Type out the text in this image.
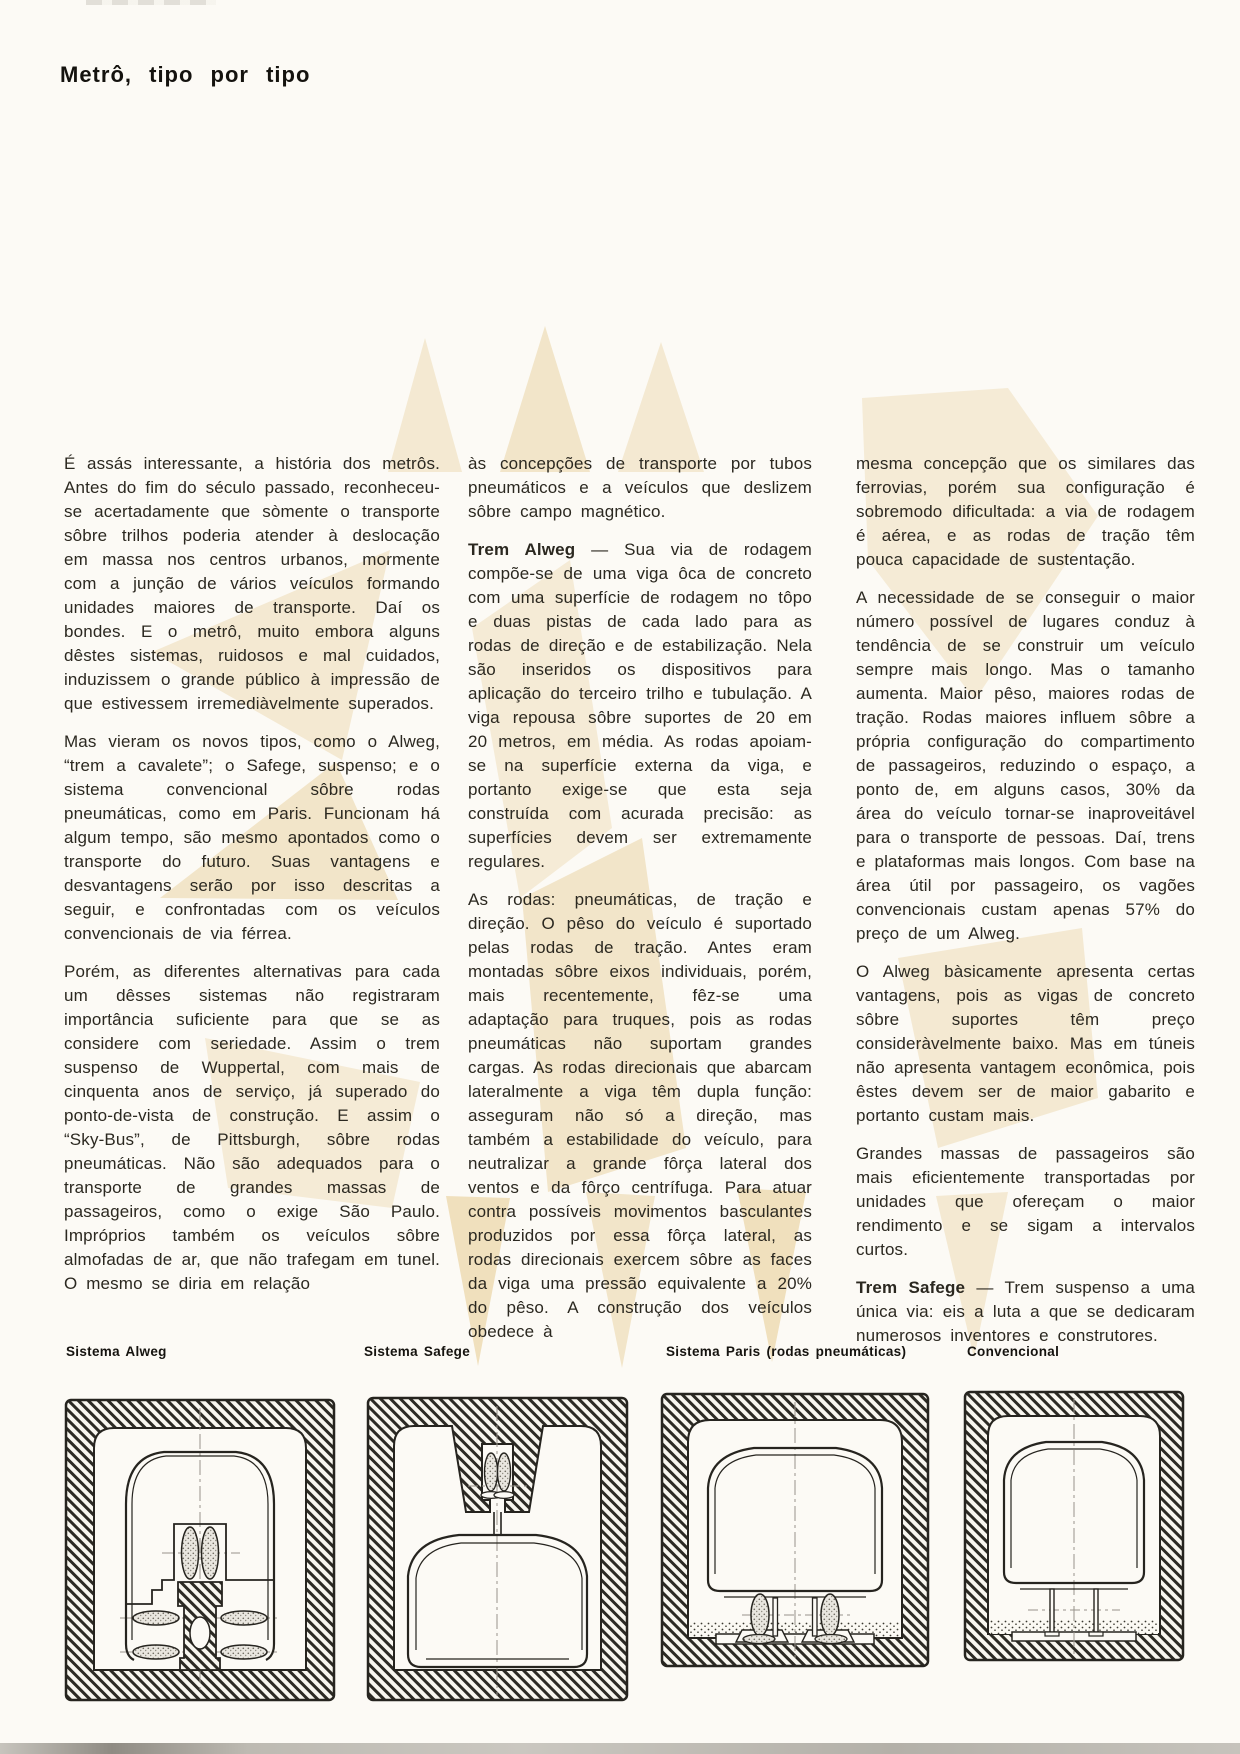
Metrô, tipo por tipo

É assás interessante, a história dos metrôs. Antes do fim do século passado, reconheceu-se acertadamente que sòmente o transporte sôbre trilhos poderia atender à deslocação em massa nos centros urbanos, mormente com a junção de vários veículos formando unidades maiores de transporte. Daí os bondes. E o metrô, muito embora alguns dêstes sistemas, ruidosos e mal cuidados, induzissem o grande público à impressão de que estivessem irremediàvelmente superados.

Mas vieram os novos tipos, como o Alweg, “trem a cavalete”; o Safege, suspenso; e o sistema convencional sôbre rodas pneumáticas, como em Paris. Funcionam há algum tempo, são mesmo apontados como o transporte do futuro. Suas vantagens e desvantagens serão por isso descritas a seguir, e confrontadas com os veículos convencionais de via férrea.

Porém, as diferentes alternativas para cada um dêsses sistemas não registraram importância suficiente para que se as considere com seriedade. Assim o trem suspenso de Wuppertal, com mais de cinquenta anos de serviço, já superado do ponto-de-vista de construção. E assim o “Sky-Bus”, de Pittsburgh, sôbre rodas pneumáticas. Não são adequados para o transporte de grandes massas de passageiros, como o exige São Paulo. Impróprios também os veículos sôbre almofadas de ar, que não trafegam em tunel. O mesmo se diria em relação

às concepções de transporte por tubos pneumáticos e a veículos que deslizem sôbre campo magnético.

Trem Alweg — Sua via de rodagem compõe-se de uma viga ôca de concreto com uma superfície de rodagem no tôpo e duas pistas de cada lado para as rodas de direção e de estabilização. Nela são inseridos os dispositivos para aplicação do terceiro trilho e tubulação. A viga repousa sôbre suportes de 20 em 20 metros, em média. As rodas apoiam-se na superfície externa da viga, e portanto exige-se que esta seja construída com acurada precisão: as superfícies devem ser extremamente regulares.

As rodas: pneumáticas, de tração e direção. O pêso do veículo é suportado pelas rodas de tração. Antes eram montadas sôbre eixos individuais, porém, mais recentemente, fêz-se uma adaptação para truques, pois as rodas pneumáticas não suportam grandes cargas. As rodas direcionais que abarcam lateralmente a viga têm dupla função: asseguram não só a direção, mas também a estabilidade do veículo, para neutralizar a grande fôrça lateral dos ventos e da fôrço centrífuga. Para atuar contra possíveis movimentos basculantes produzidos por essa fôrça lateral, as rodas direcionais exercem sôbre as faces da viga uma pressão equivalente a 20% do pêso. A construção dos veículos obedece à

mesma concepção que os similares das ferrovias, porém sua configuração é sobremodo dificultada: a via de rodagem é aérea, e as rodas de tração têm pouca capacidade de sustentação.

A necessidade de se conseguir o maior número possível de lugares conduz à tendência de se construir um veículo sempre mais longo. Mas o tamanho aumenta. Maior pêso, maiores rodas de tração. Rodas maiores influem sôbre a própria configuração do compartimento de passageiros, reduzindo o espaço, a ponto de, em alguns casos, 30% da área do veículo tornar-se inaproveitável para o transporte de pessoas. Daí, trens e plataformas mais longos. Com base na área útil por passageiro, os vagões convencionais custam apenas 57% do preço de um Alweg.

O Alweg bàsicamente apresenta certas vantagens, pois as vigas de concreto sôbre suportes têm preço consideràvelmente baixo. Mas em túneis não apresenta vantagem econômica, pois êstes devem ser de maior gabarito e portanto custam mais.

Grandes massas de passageiros são mais eficientemente transportadas por unidades que ofereçam o maior rendimento e se sigam a intervalos curtos.

Trem Safege — Trem suspenso a uma única via: eis a luta a que se dedicaram numerosos inventores e construtores.

Sistema Alweg	Sistema Safege	Sistema Paris (rodas pneumáticas)	Convencional
